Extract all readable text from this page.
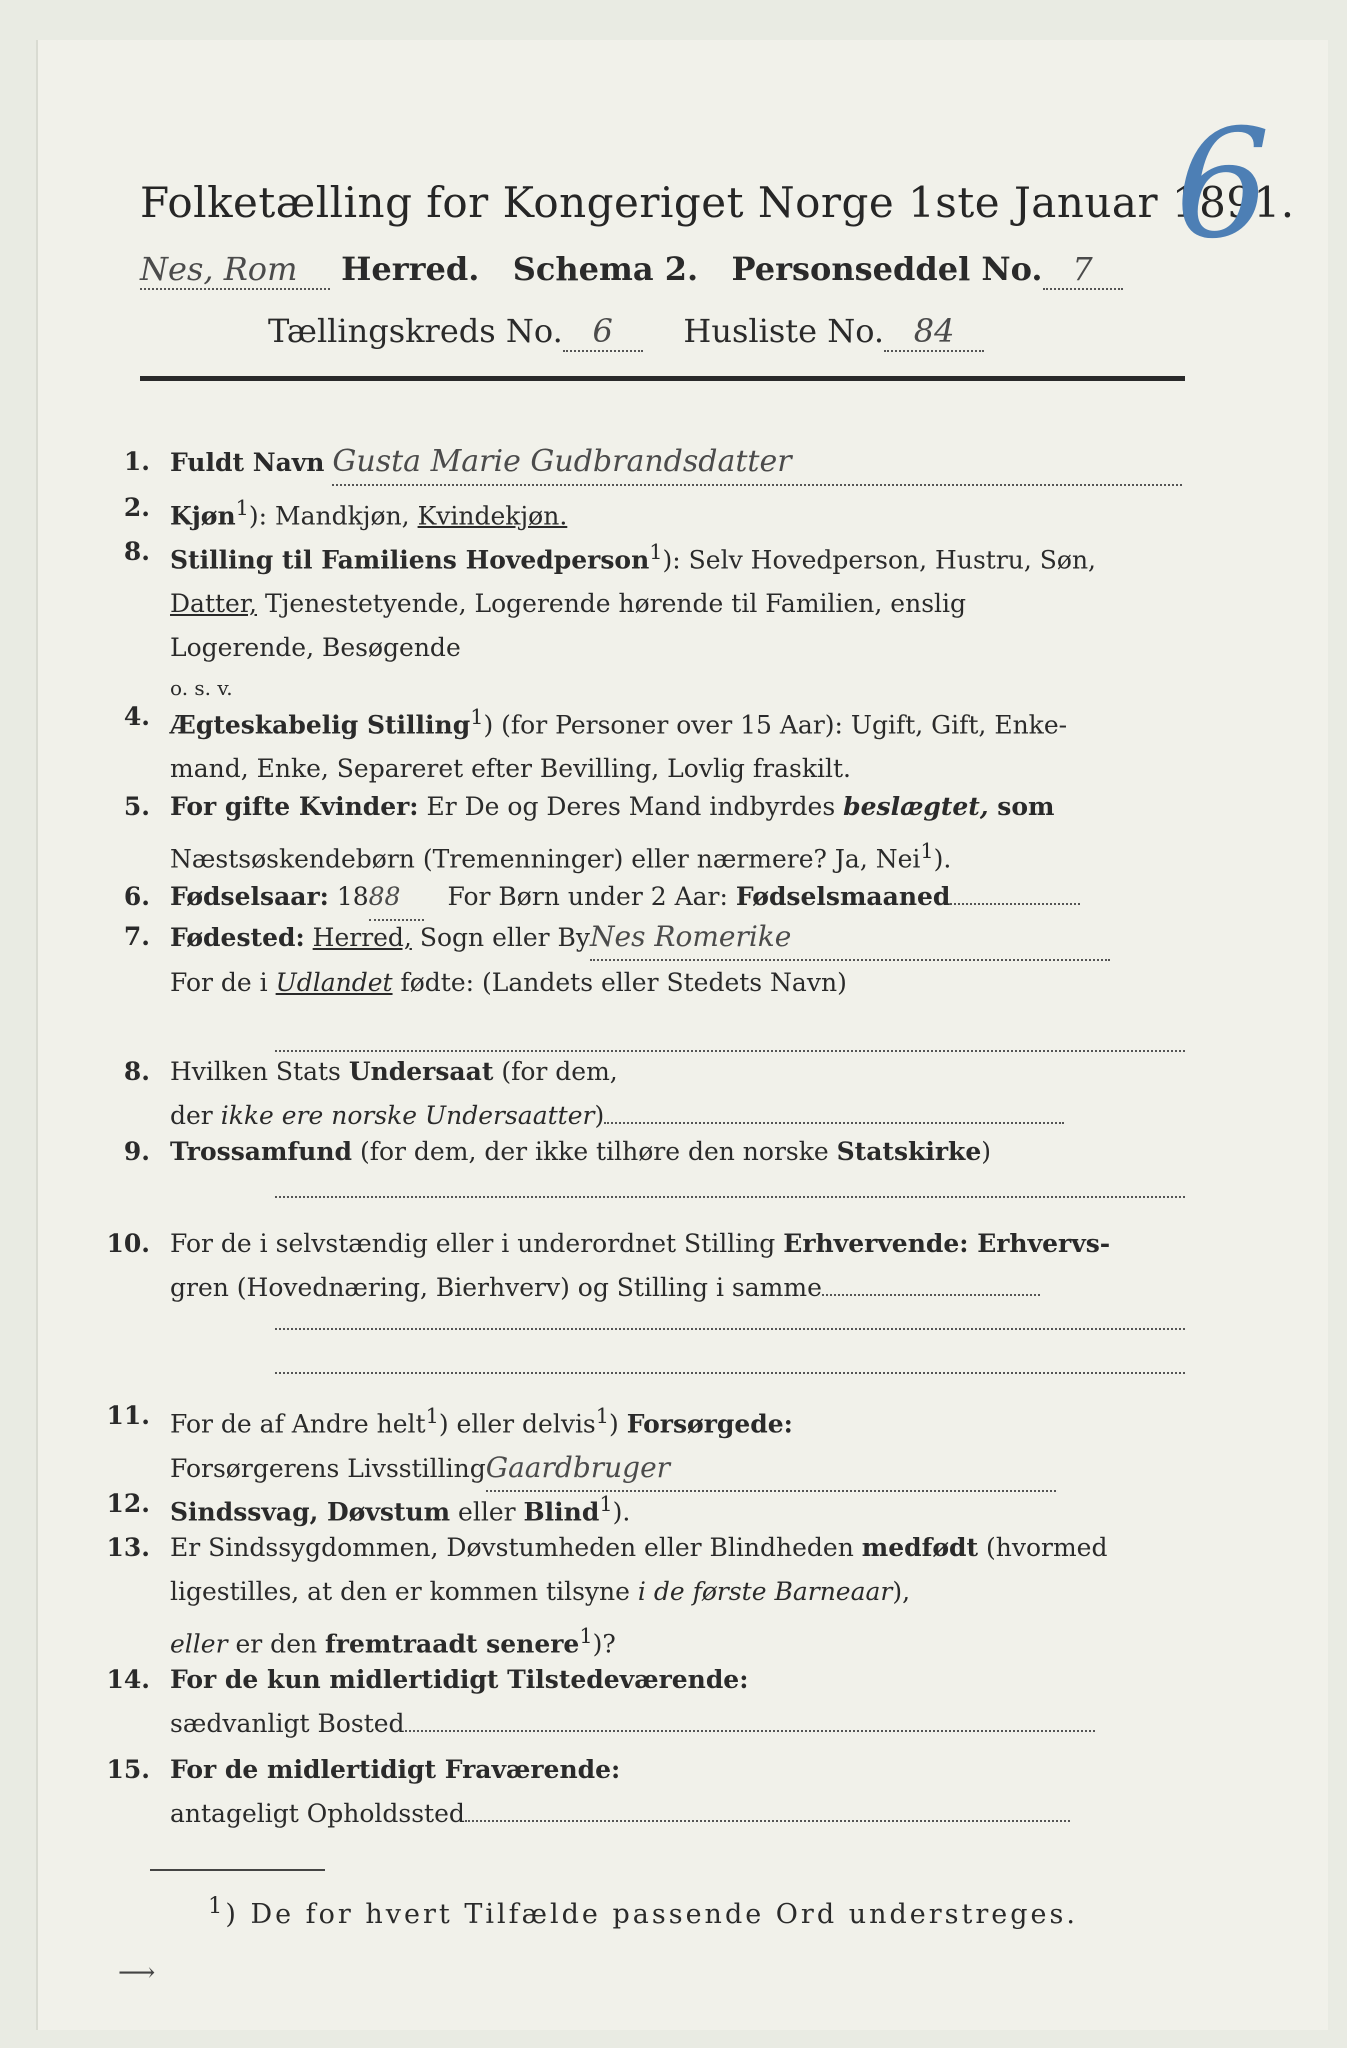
Folketælling for Kongeriget Norge 1ste Januar 1891.
6
Nes, Rom Herred. Schema 2. Personseddel No. 7
Tællingskreds No. 6 Husliste No. 84
1. Fuldt Navn Gusta Marie Gudbrandsdatter
2. Kjøn$^1$): Mandkjøn, Kvindekjøn.
8. Stilling til Familiens Hovedperson$^1$): Selv Hovedperson, Hustru, Søn,
Datter, Tjenestetyende, Logerende hørende til Familien, enslig
Logerende, Besøgende
o. s. v.
4. Ægteskabelig Stilling$^1$) (for Personer over 15 Aar): Ugift, Gift, Enke-
mand, Enke, Separeret efter Bevilling, Lovlig fraskilt.
5. For gifte Kvinder: Er De og Deres Mand indbyrdes beslægtet, som
Næstsøskendebørn (Tremenninger) eller nærmere? Ja, Nei$^1$).
6. Fødselsaar: 1888 For Børn under 2 Aar: Fødselsmaaned
7. Fødested: Herred, Sogn eller ByNes Romerike
For de i Udlandet fødte: (Landets eller Stedets Navn)
8. Hvilken Stats Undersaat (for dem,
der ikke ere norske Undersaatter)
9. Trossamfund (for dem, der ikke tilhøre den norske Statskirke)
10. For de i selvstændig eller i underordnet Stilling Erhvervende: Erhvervs-
gren (Hovednæring, Bierhverv) og Stilling i samme
11. For de af Andre helt$^1$) eller delvis$^1$) Forsørgede:
Forsørgerens LivsstillingGaardbruger
12. Sindssvag, Døvstum eller Blind$^1$).
13. Er Sindssygdommen, Døvstumheden eller Blindheden medfødt (hvormed
ligestilles, at den er kommen tilsyne i de første Barneaar),
eller er den fremtraadt senere$^1$)?
14. For de kun midlertidigt Tilstedeværende:
sædvanligt Bosted
15. For de midlertidigt Fraværende:
antageligt Opholdssted
$^1$) De for hvert Tilfælde passende Ord understreges.
⟶
